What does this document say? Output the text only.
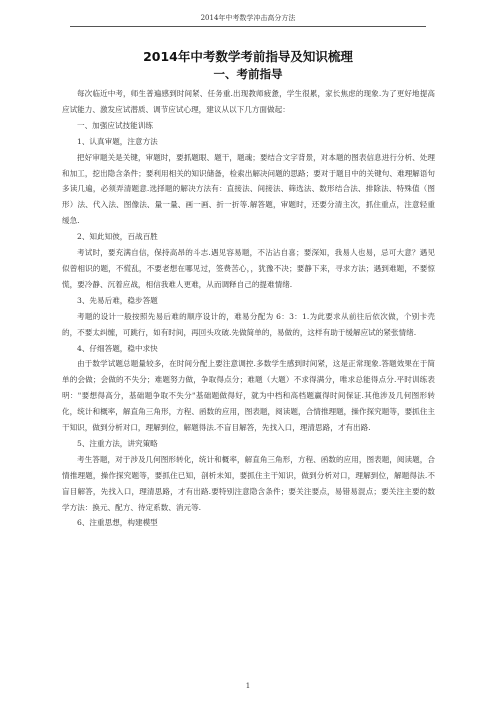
2014年中考数学冲击高分方法
2014年中考数学考前指导及知识梳理
一、考前指导

每次临近中考，师生普遍感到时间紧、任务重.出现教师疲惫，学生很累，家长焦虑的现象.为了更好地提高应试能力、激发应试潜质、调节应试心理，建议从以下几方面做起：

一、加强应试技能训练

1、认真审题，注意方法

把好审题关是关键，审题时，要抓题眼、题干，题魂；要结合文字背景，对本题的图表信息进行分析、处理和加工，挖出隐含条件；要利用相关的知识储备，检索出解决问题的思路；要对于题目中的关键句、难理解语句多读几遍，必须弄清题意.选择题的解决方法有：直接法、间接法、筛选法、数形结合法、排除法、特殊值（图形）法、代入法、图像法、量一量、画一画、折一折等.解答题，审题时，还要分清主次，抓住重点，注意轻重缓急.

2、知此知彼，百战百胜

考试时，要充满自信，保持高昂的斗志.遇见容易题，不沾沾自喜；要深知，我易人也易，忌可大意？遇见似曾相识的题，不慌乱，不要老想在哪见过，签费苦心，，犹豫不决；要静下来，寻求方法；遇到难题，不要惊慌，要冷静、沉着应战，相信我难人更难，从而调释自己的提难情绪.

3、先易后难，稳步答题

考题的设计一般按照先易后难的顺序设计的，难易分配为 6：3：1.为此要求从前往后依次做，个别卡壳的，不要太纠缠，可跳行，如有时间，再回头攻破.先做简单的，易做的，这样有助于缓解应试的紧张情绪.

4、仔细答题，稳中求快

由于数学试题总题量较多，在时间分配上要注意调控.多数学生感到时间紧，这是正常现象.答题效果在于简单的会做；会做的不失分；难题努力做，争取得点分；难题（大题）不求得满分，唯求总能得点分.平时训练表明："要想得高分，基础题争取不失分"基础题做得好，就为中档和高档题赢得时间保证.其他涉及几何图形转化，统计和概率，解直角三角形，方程、函数的应用，图表题，阅读题，合情推理题，操作探究题等，要抓住主干知识，做到分析对口，理解到位，解题得法.不盲目解答，先找入口，理清思路，才有出路.

5、注重方法，讲究策略

考生答题，对于涉及几何图形转化，统计和概率，解直角三角形，方程、函数的应用，图表题，阅读题，合情推理题，操作探究题等，要抓住已知，剖析未知，要抓住主干知识，做到分析对口，理解到位，解题得法.不盲目解答，先找入口，理清思路，才有出路.要特别注意隐含条件；要关注要点，易错易混点；要关注主要的数学方法：换元、配方、待定系数、消元等.

6、注重思想，构建模型

1
